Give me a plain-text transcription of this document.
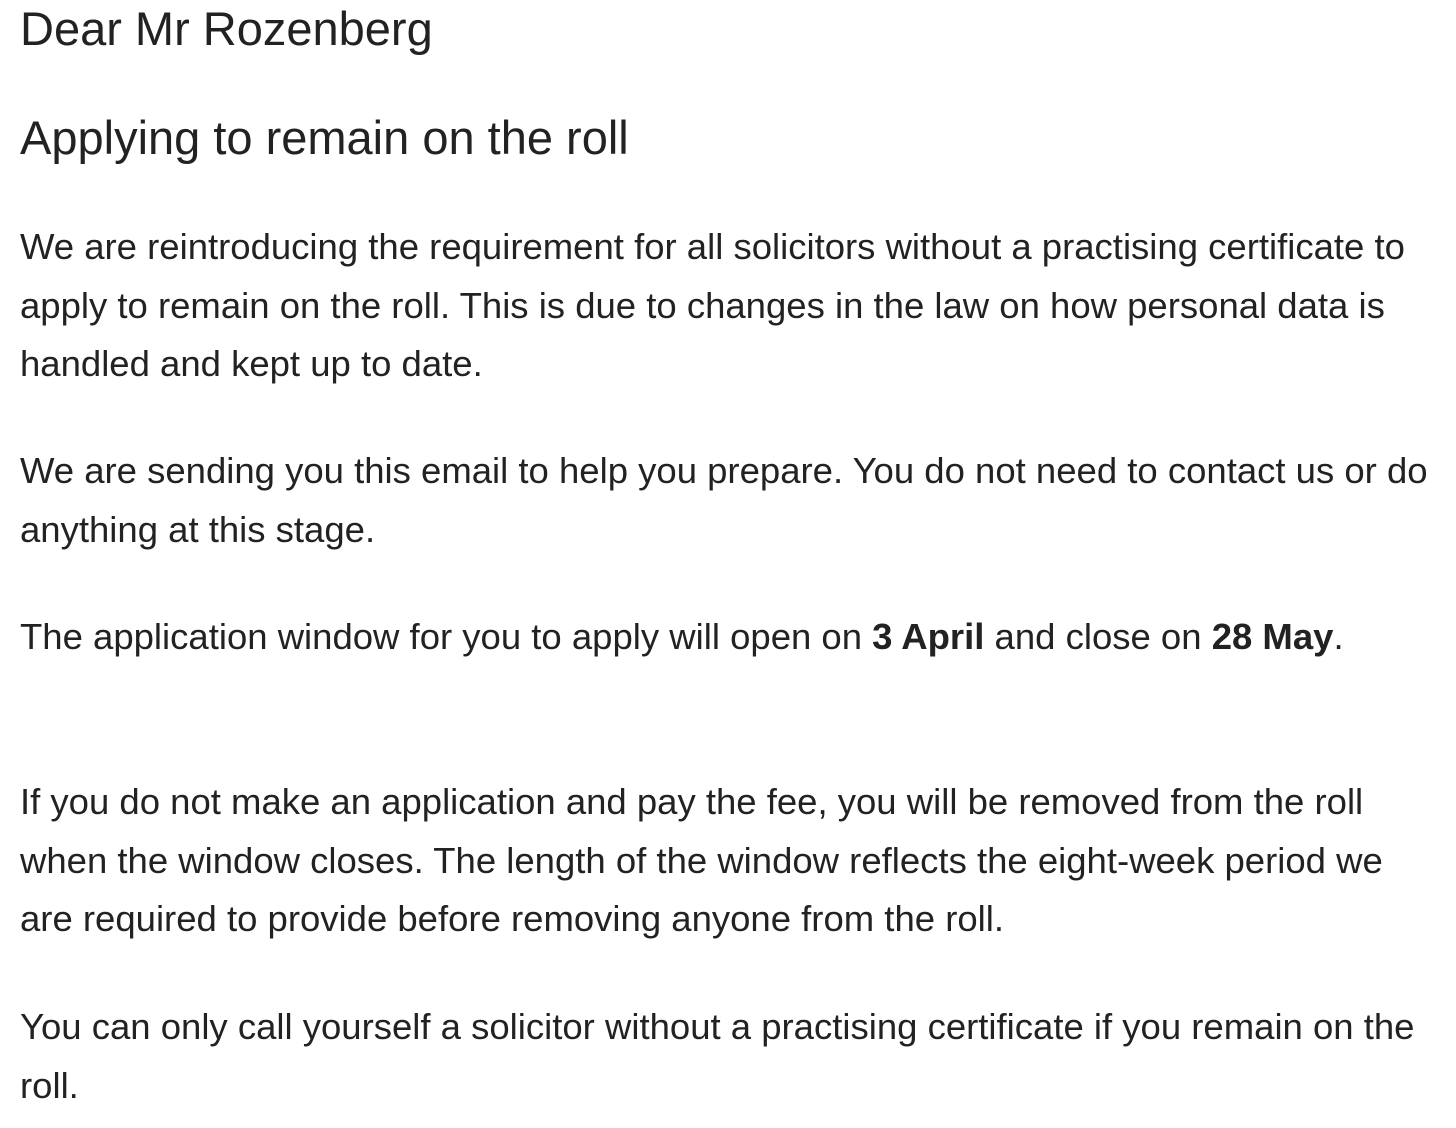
Dear Mr Rozenberg
Applying to remain on the roll

We are reintroducing the requirement for all solicitors without a practising certificate to apply to remain on the roll. This is due to changes in the law on how personal data is handled and kept up to date.

We are sending you this email to help you prepare. You do not need to contact us or do anything at this stage.

The application window for you to apply will open on 3 April and close on 28 May.

If you do not make an application and pay the fee, you will be removed from the roll when the window closes. The length of the window reflects the eight-week period we are required to provide before removing anyone from the roll.

You can only call yourself a solicitor without a practising certificate if you remain on the roll.
